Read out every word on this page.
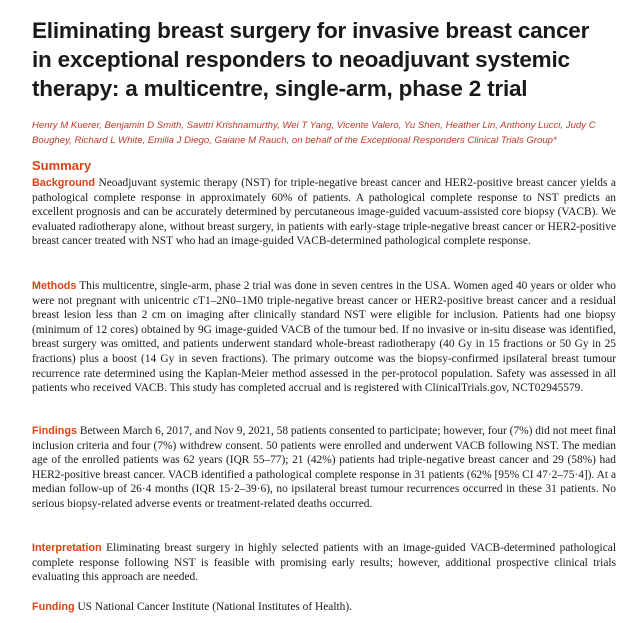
Eliminating breast surgery for invasive breast cancer in exceptional responders to neoadjuvant systemic therapy: a multicentre, single-arm, phase 2 trial

Henry M Kuerer, Benjamin D Smith, Savitri Krishnamurthy, Wei T Yang, Vicente Valero, Yu Shen, Heather Lin, Anthony Lucci, Judy C Boughey, Richard L White, Emilia J Diego, Gaiane M Rauch, on behalf of the Exceptional Responders Clinical Trials Group*

Summary

Background Neoadjuvant systemic therapy (NST) for triple-negative breast cancer and HER2-positive breast cancer yields a pathological complete response in approximately 60% of patients. A pathological complete response to NST predicts an excellent prognosis and can be accurately determined by percutaneous image-guided vacuum-assisted core biopsy (VACB). We evaluated radiotherapy alone, without breast surgery, in patients with early-stage triple-negative breast cancer or HER2-positive breast cancer treated with NST who had an image-guided VACB-determined pathological complete response.

Methods This multicentre, single-arm, phase 2 trial was done in seven centres in the USA. Women aged 40 years or older who were not pregnant with unicentric cT1–2N0–1M0 triple-negative breast cancer or HER2-positive breast cancer and a residual breast lesion less than 2 cm on imaging after clinically standard NST were eligible for inclusion. Patients had one biopsy (minimum of 12 cores) obtained by 9G image-guided VACB of the tumour bed. If no invasive or in-situ disease was identified, breast surgery was omitted, and patients underwent standard whole-breast radiotherapy (40 Gy in 15 fractions or 50 Gy in 25 fractions) plus a boost (14 Gy in seven fractions). The primary outcome was the biopsy-confirmed ipsilateral breast tumour recurrence rate determined using the Kaplan-Meier method assessed in the per-protocol population. Safety was assessed in all patients who received VACB. This study has completed accrual and is registered with ClinicalTrials.gov, NCT02945579.

Findings Between March 6, 2017, and Nov 9, 2021, 58 patients consented to participate; however, four (7%) did not meet final inclusion criteria and four (7%) withdrew consent. 50 patients were enrolled and underwent VACB following NST. The median age of the enrolled patients was 62 years (IQR 55–77); 21 (42%) patients had triple-negative breast cancer and 29 (58%) had HER2-positive breast cancer. VACB identified a pathological complete response in 31 patients (62% [95% CI 47·2–75·4]). At a median follow-up of 26·4 months (IQR 15·2–39·6), no ipsilateral breast tumour recurrences occurred in these 31 patients. No serious biopsy-related adverse events or treatment-related deaths occurred.

Interpretation Eliminating breast surgery in highly selected patients with an image-guided VACB-determined pathological complete response following NST is feasible with promising early results; however, additional prospective clinical trials evaluating this approach are needed.

Funding US National Cancer Institute (National Institutes of Health).
